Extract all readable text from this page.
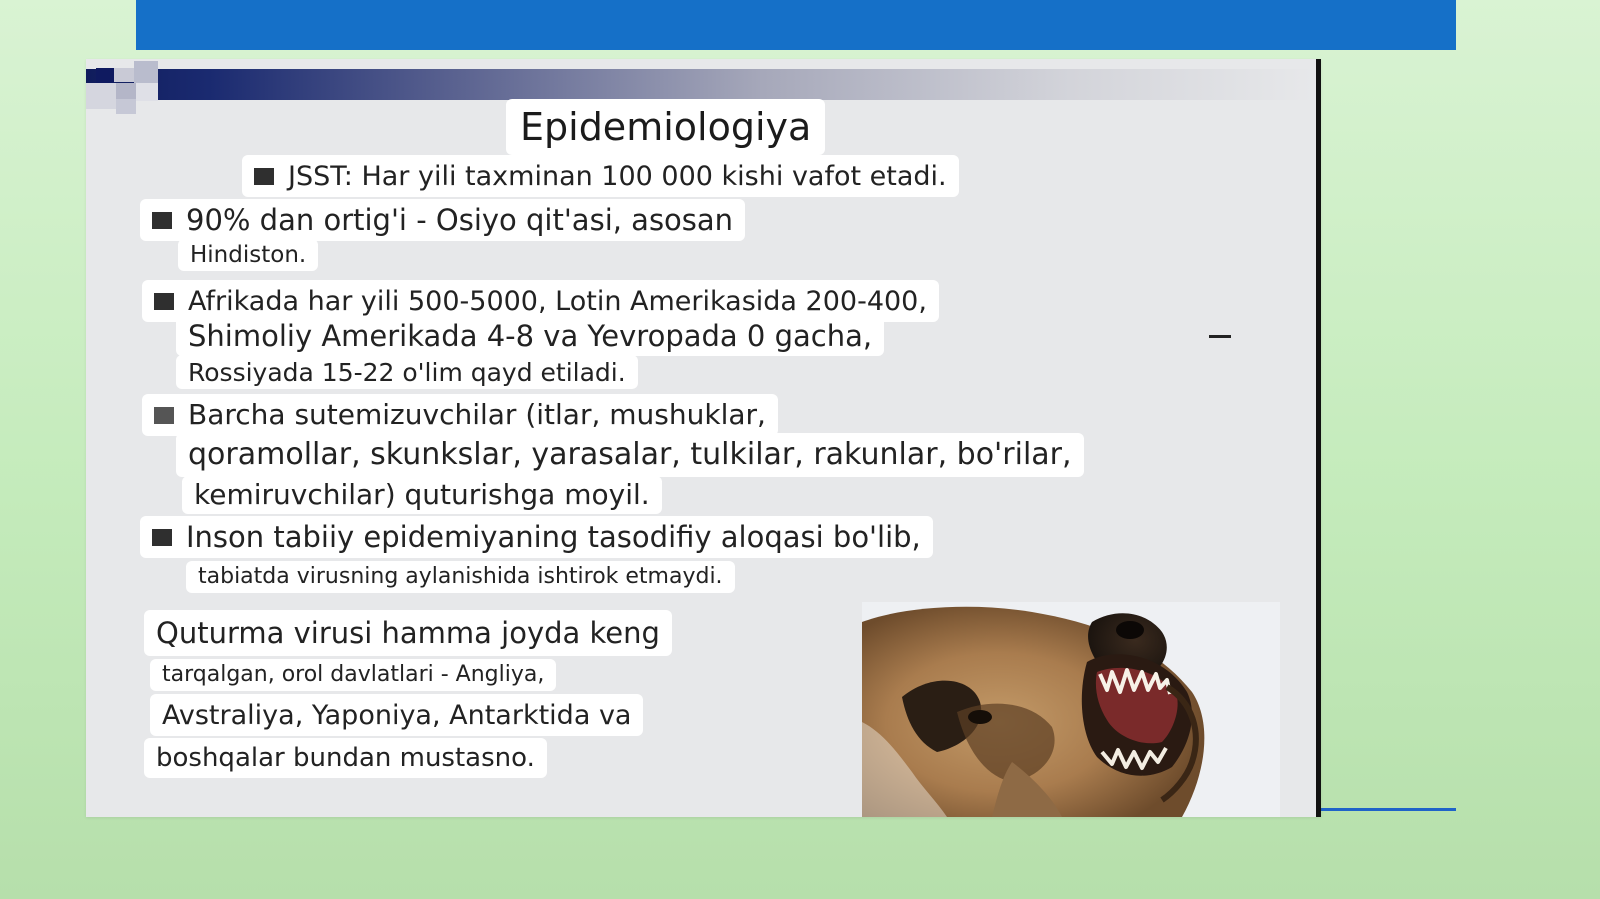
Epidemiologiya
JSST: Har yili taxminan 100 000 kishi vafot etadi.
90% dan ortig'i - Osiyo qit'asi, asosan
Hindiston.
Afrikada har yili 500-5000, Lotin Amerikasida 200-400,
Shimoliy Amerikada 4-8 va Yevropada 0 gacha,
Rossiyada 15-22 o'lim qayd etiladi.
Barcha sutemizuvchilar (itlar, mushuklar,
qoramollar, skunkslar, yarasalar, tulkilar, rakunlar, bo'rilar,
kemiruvchilar) quturishga moyil.
Inson tabiiy epidemiyaning tasodifiy aloqasi bo'lib,
tabiatda virusning aylanishida ishtirok etmaydi.
Quturma virusi hamma joyda keng
tarqalgan, orol davlatlari - Angliya,
Avstraliya, Yaponiya, Antarktida va
boshqalar bundan mustasno.
